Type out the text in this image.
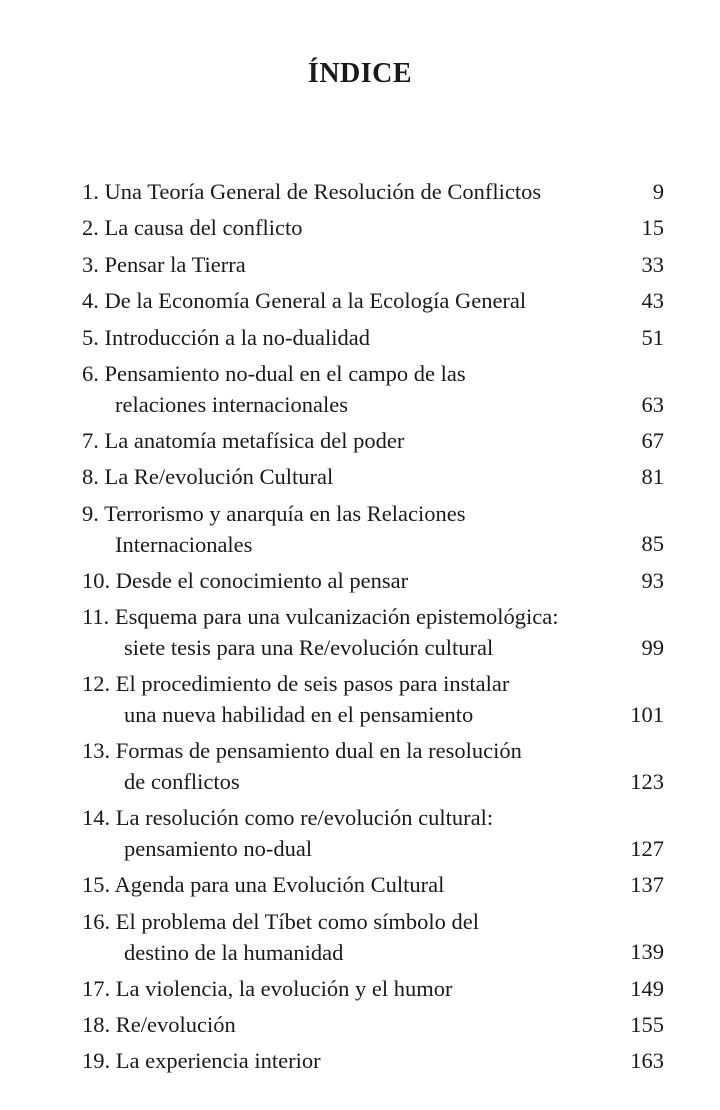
ÍNDICE
1. Una Teoría General de Resolución de Conflictos	9
2. La causa del conflicto	15
3. Pensar la Tierra	33
4. De la Economía General a la Ecología General	43
5. Introducción a la no-dualidad	51
6. Pensamiento no-dual en el campo de las
relaciones internacionales	63
7. La anatomía metafísica del poder	67
8. La Re/evolución Cultural	81
9. Terrorismo y anarquía en las Relaciones
Internacionales	85
10. Desde el conocimiento al pensar	93
11. Esquema para una vulcanización epistemológica:
siete tesis para una Re/evolución cultural	99
12. El procedimiento de seis pasos para instalar
una nueva habilidad en el pensamiento	101
13. Formas de pensamiento dual en la resolución
de conflictos	123
14. La resolución como re/evolución cultural:
pensamiento no-dual	127
15. Agenda para una Evolución Cultural	137
16. El problema del Tíbet como símbolo del
destino de la humanidad	139
17. La violencia, la evolución y el humor	149
18. Re/evolución	155
19. La experiencia interior	163
